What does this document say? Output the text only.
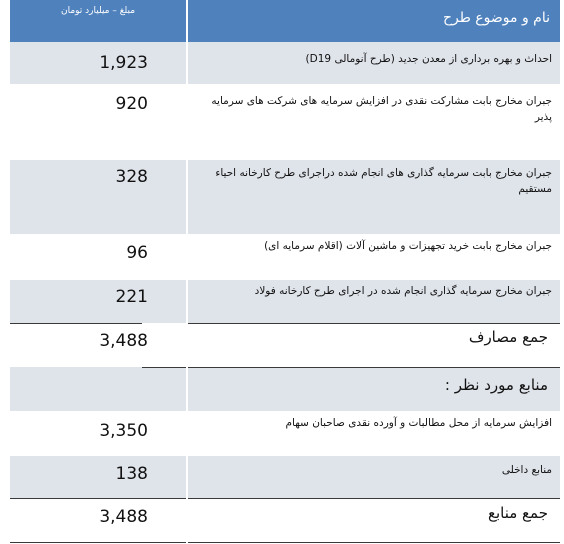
مبلغ – میلیارد تومان	نام و موضوع طرح
1,923	احداث و بهره برداری از معدن جدید (طرح آنومالی D19)
920	جبران مخارج بابت مشارکت نقدی در افزایش سرمایه های شرکت های سرمایه پذیر
328	جبران مخارج بابت سرمایه گذاری های انجام شده دراجرای طرح کارخانه احیاء مستقیم
96	جبران مخارج بابت خرید تجهیزات و ماشین آلات (اقلام سرمایه ای)
221	جبران مخارج سرمایه گذاری انجام شده در اجرای طرح کارخانه فولاد
3,488	جمع مصارف
منابع مورد نظر :
3,350	افزایش سرمایه از محل مطالبات و آورده نقدی صاحبان سهام
138	منابع داخلی
3,488	جمع منابع
